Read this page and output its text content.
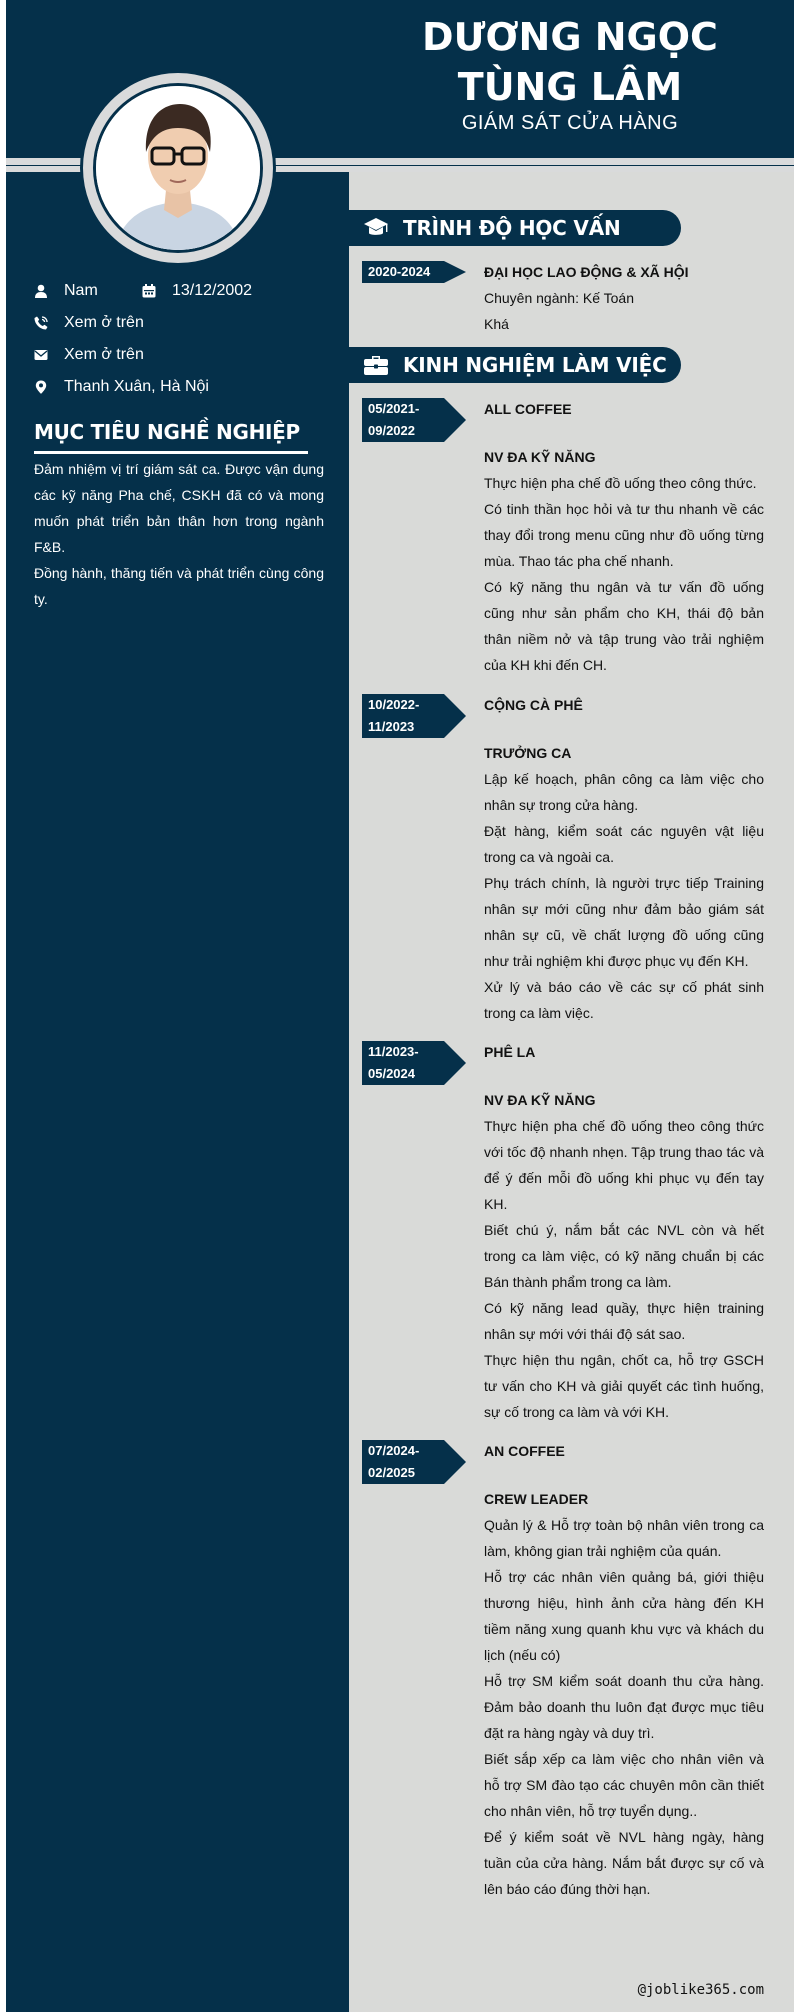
DƯƠNG NGỌC TÙNG LÂM
GIÁM SÁT CỬA HÀNG
Nam	13/12/2002
Xem ở trên
Xem ở trên
Thanh Xuân, Hà Nội
MỤC TIÊU NGHỀ NGHIỆP

Đảm nhiệm vị trí giám sát ca. Được vận dụng các kỹ năng Pha chế, CSKH đã có và mong muốn phát triển bản thân hơn trong ngành F&B.

Đồng hành, thăng tiến và phát triển cùng công ty.

TRÌNH ĐỘ HỌC VẤN
2020-2024	ĐẠI HỌC LAO ĐỘNG & XÃ HỘI

Chuyên ngành: Kế Toán

Khá

KINH NGHIỆM LÀM VIỆC
05/2021-
09/2022

ALL COFFEE

NV ĐA KỸ NĂNG

Thực hiện pha chế đồ uống theo công thức.

Có tinh thần học hỏi và tư thu nhanh về các thay đổi trong menu cũng như đồ uống từng mùa. Thao tác pha chế nhanh.

Có kỹ năng thu ngân và tư vấn đồ uống cũng như sản phẩm cho KH, thái độ bản thân niềm nở và tập trung vào trải nghiệm của KH khi đến CH.

10/2022-
11/2023

CỘNG CÀ PHÊ

TRƯỞNG CA

Lập kế hoạch, phân công ca làm việc cho nhân sự trong cửa hàng.

Đặt hàng, kiểm soát các nguyên vật liệu trong ca và ngoài ca.

Phụ trách chính, là người trực tiếp Training nhân sự mới cũng như đảm bảo giám sát nhân sự cũ, về chất lượng đồ uống cũng như trải nghiệm khi được phục vụ đến KH.

Xử lý và báo cáo về các sự cố phát sinh trong ca làm việc.

11/2023-
05/2024

PHÊ LA

NV ĐA KỸ NĂNG

Thực hiện pha chế đồ uống theo công thức với tốc độ nhanh nhẹn. Tập trung thao tác và để ý đến mỗi đồ uống khi phục vụ đến tay KH.

Biết chú ý, nắm bắt các NVL còn và hết trong ca làm việc, có kỹ năng chuẩn bị các Bán thành phẩm trong ca làm.

Có kỹ năng lead quầy, thực hiện training nhân sự mới với thái độ sát sao.

Thực hiện thu ngân, chốt ca, hỗ trợ GSCH tư vấn cho KH và giải quyết các tình huống, sự cố trong ca làm và với KH.

07/2024-
02/2025

AN COFFEE

CREW LEADER

Quản lý & Hỗ trợ toàn bộ nhân viên trong ca làm, không gian trải nghiệm của quán.

Hỗ trợ các nhân viên quảng bá, giới thiệu thương hiệu, hình ảnh cửa hàng đến KH tiềm năng xung quanh khu vực và khách du lịch (nếu có)

Hỗ trợ SM kiểm soát doanh thu cửa hàng. Đảm bảo doanh thu luôn đạt được mục tiêu đặt ra hàng ngày và duy trì.

Biết sắp xếp ca làm việc cho nhân viên và hỗ trợ SM đào tạo các chuyên môn cần thiết cho nhân viên, hỗ trợ tuyển dụng..

Để ý kiểm soát về NVL hàng ngày, hàng tuần của cửa hàng. Nắm bắt được sự cố và lên báo cáo đúng thời hạn.

@joblike365.com
